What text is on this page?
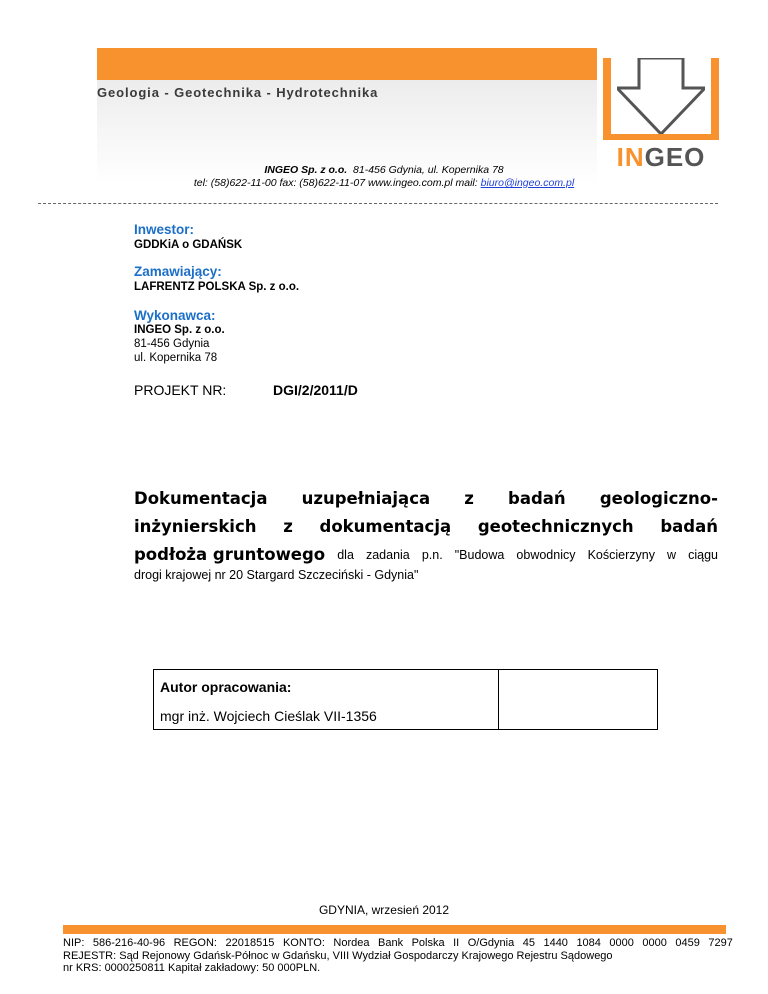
Geologia - Geotechnika - Hydrotechnika
INGEO
INGEO Sp. z o.o. 81-456 Gdynia, ul. Kopernika 78
tel: (58)622-11-00 fax: (58)622-11-07 www.ingeo.com.pl mail: biuro@ingeo.com.pl
Inwestor:
GDDKiA o GDAŃSK
Zamawiający:
LAFRENTZ POLSKA Sp. z o.o.
Wykonawca:
INGEO Sp. z o.o.
81-456 Gdynia
ul. Kopernika 78
PROJEKT NR:	DGI/2/2011/D
Dokumentacja uzupełniająca z badań geologiczno-
inżynierskich z dokumentacją geotechnicznych badań
podłoża gruntowego dla zadania p.n. "Budowa obwodnicy Kościerzyny w ciągu
drogi krajowej nr 20 Stargard Szczeciński - Gdynia"
Autor opracowania:
mgr inż. Wojciech Cieślak VII-1356
GDYNIA, wrzesień 2012
NIP: 586-216-40-96 REGON: 22018515 KONTO: Nordea Bank Polska II O/Gdynia 45 1440 1084 0000 0000 0459 7297
REJESTR: Sąd Rejonowy Gdańsk-Północ w Gdańsku, VIII Wydział Gospodarczy Krajowego Rejestru Sądowego
nr KRS: 0000250811 Kapitał zakładowy: 50 000PLN.
